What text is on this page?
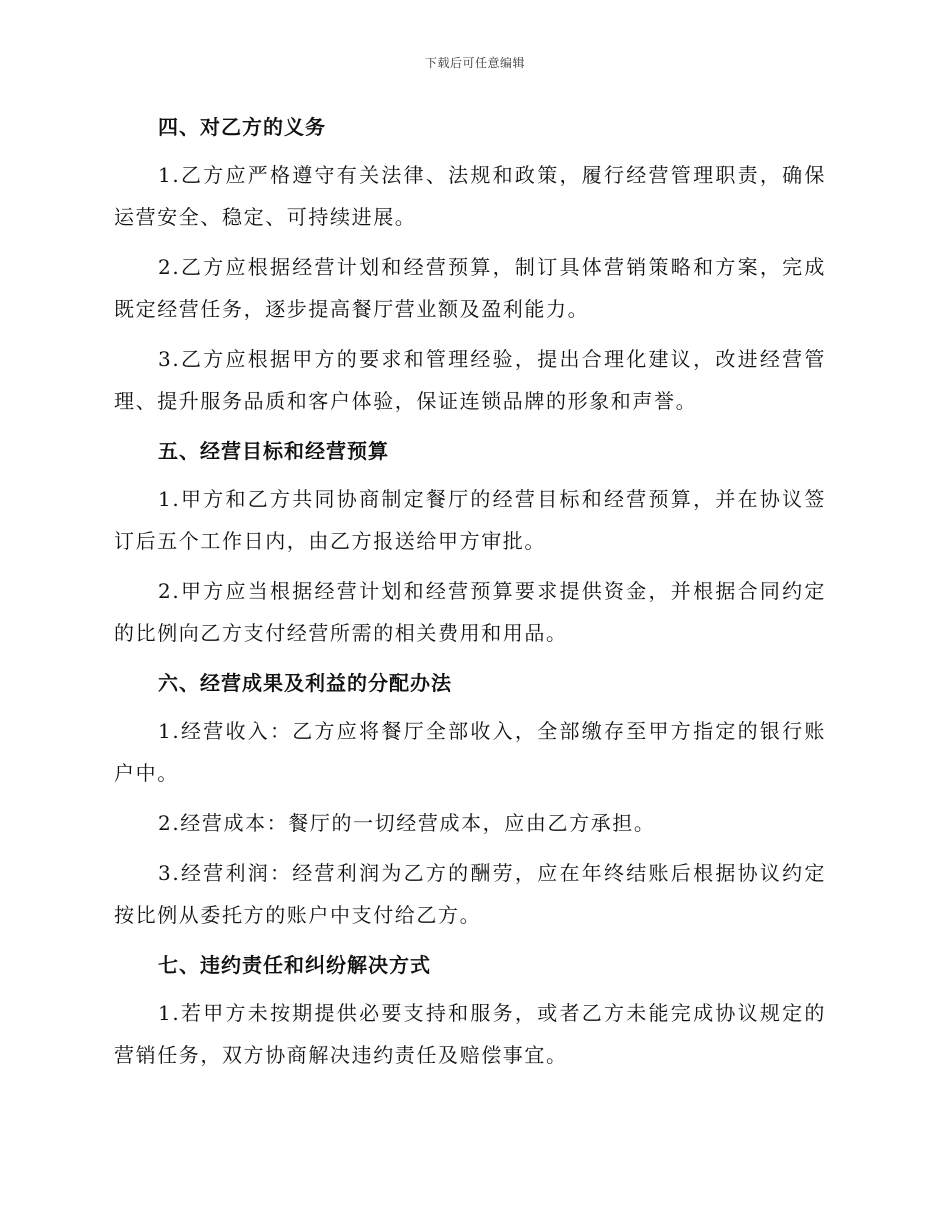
下载后可任意编辑
四、对乙方的义务

1.乙方应严格遵守有关法律、法规和政策，履行经营管理职责，确保运营安全、稳定、可持续进展。

2.乙方应根据经营计划和经营预算，制订具体营销策略和方案，完成既定经营任务，逐步提高餐厅营业额及盈利能力。

3.乙方应根据甲方的要求和管理经验，提出合理化建议，改进经营管理、提升服务品质和客户体验，保证连锁品牌的形象和声誉。

五、经营目标和经营预算

1.甲方和乙方共同协商制定餐厅的经营目标和经营预算，并在协议签订后五个工作日内，由乙方报送给甲方审批。

2.甲方应当根据经营计划和经营预算要求提供资金，并根据合同约定的比例向乙方支付经营所需的相关费用和用品。

六、经营成果及利益的分配办法

1.经营收入：乙方应将餐厅全部收入，全部缴存至甲方指定的银行账户中。

2.经营成本：餐厅的一切经营成本，应由乙方承担。

3.经营利润：经营利润为乙方的酬劳，应在年终结账后根据协议约定按比例从委托方的账户中支付给乙方。

七、违约责任和纠纷解决方式

1.若甲方未按期提供必要支持和服务，或者乙方未能完成协议规定的营销任务，双方协商解决违约责任及赔偿事宜。
